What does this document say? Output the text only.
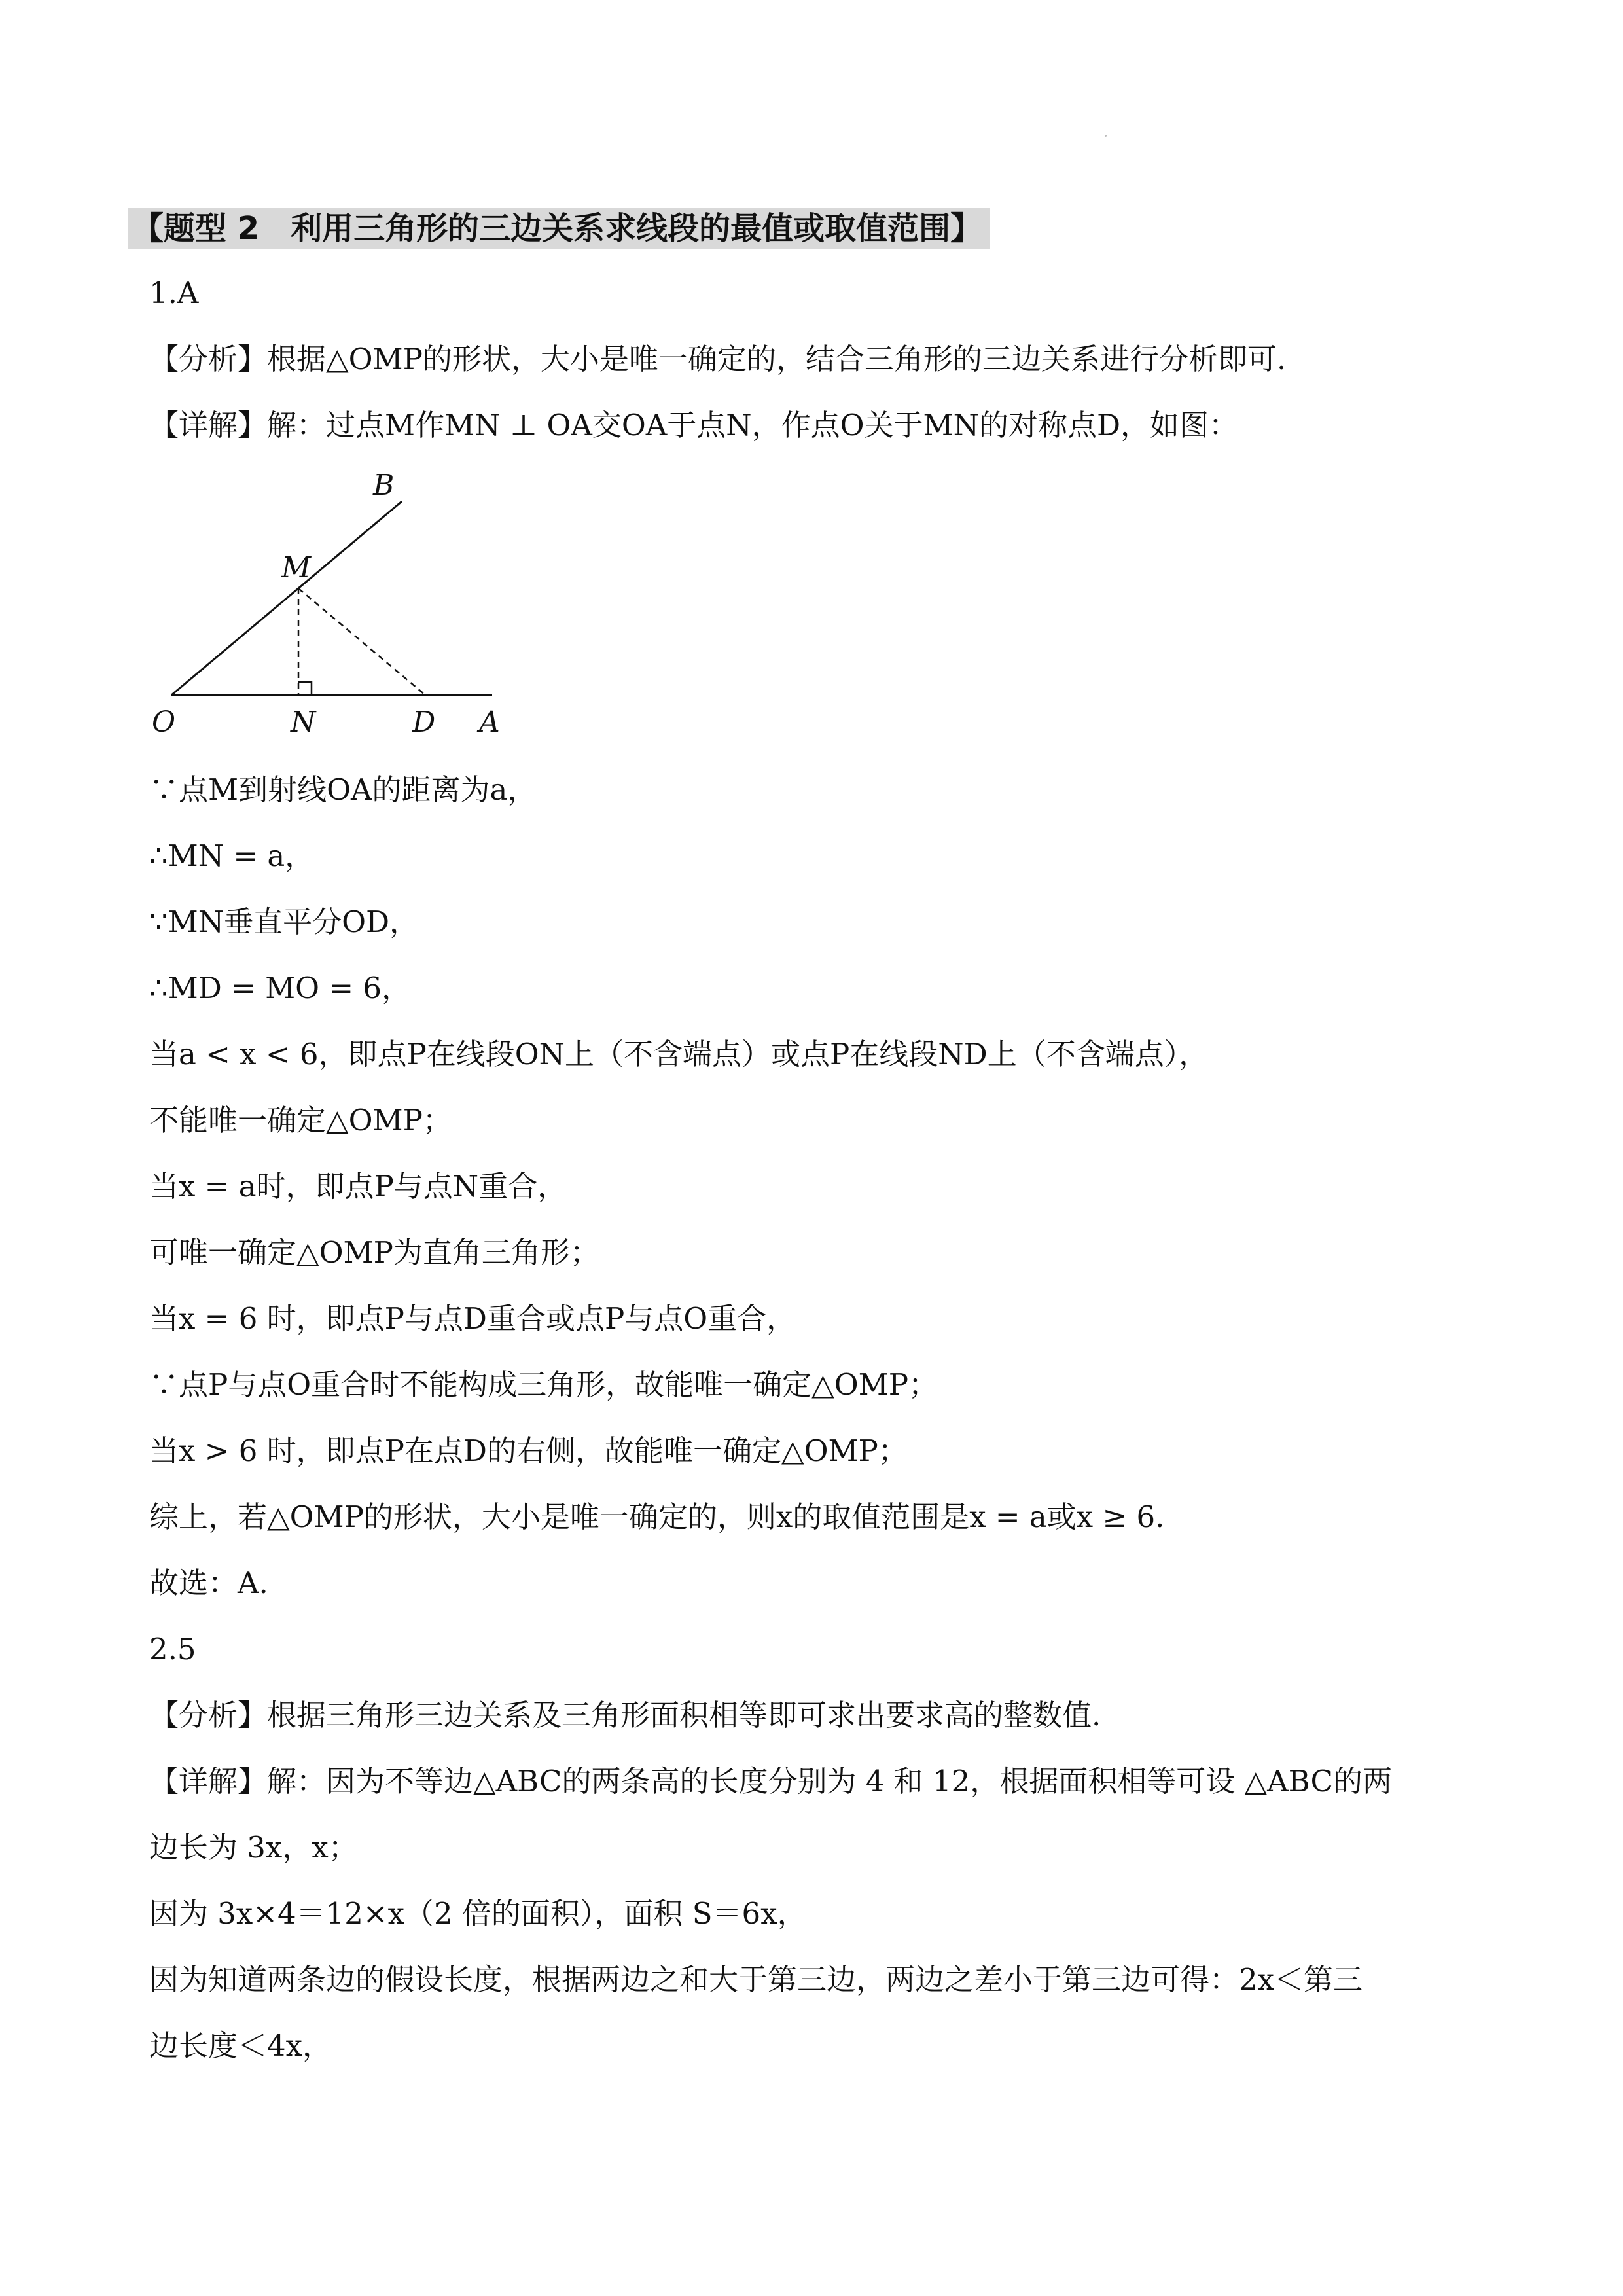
【题型 2　利用三角形的三边关系求线段的最值或取值范围】
1.A
【分析】根据△OMP的形状，大小是唯一确定的，结合三角形的三边关系进行分析即可.
【详解】解：过点M作MN ⊥ OA交OA于点N，作点O关于MN的对称点D，如图：
B
M
O	N	D A
∵点M到射线OA的距离为a，
∴MN = a，
∵MN垂直平分OD，
∴MD = MO = 6，
当a < x < 6，即点P在线段ON上（不含端点）或点P在线段ND上（不含端点），
不能唯一确定△OMP；
当x = a时，即点P与点N重合，
可唯一确定△OMP为直角三角形；
当x = 6 时，即点P与点D重合或点P与点O重合，
∵点P与点O重合时不能构成三角形，故能唯一确定△OMP；
当x > 6 时，即点P在点D的右侧，故能唯一确定△OMP；
综上，若△OMP的形状，大小是唯一确定的，则x的取值范围是x = a或x ≥ 6.
故选：A.
2.5
【分析】根据三角形三边关系及三角形面积相等即可求出要求高的整数值.
【详解】解：因为不等边△ABC的两条高的长度分别为 4 和 12，根据面积相等可设 △ABC的两
边长为 3x，x；
因为 3x×4＝12×x（2 倍的面积），面积 S＝6x，
因为知道两条边的假设长度，根据两边之和大于第三边，两边之差小于第三边可得：2x＜第三
边长度＜4x，
